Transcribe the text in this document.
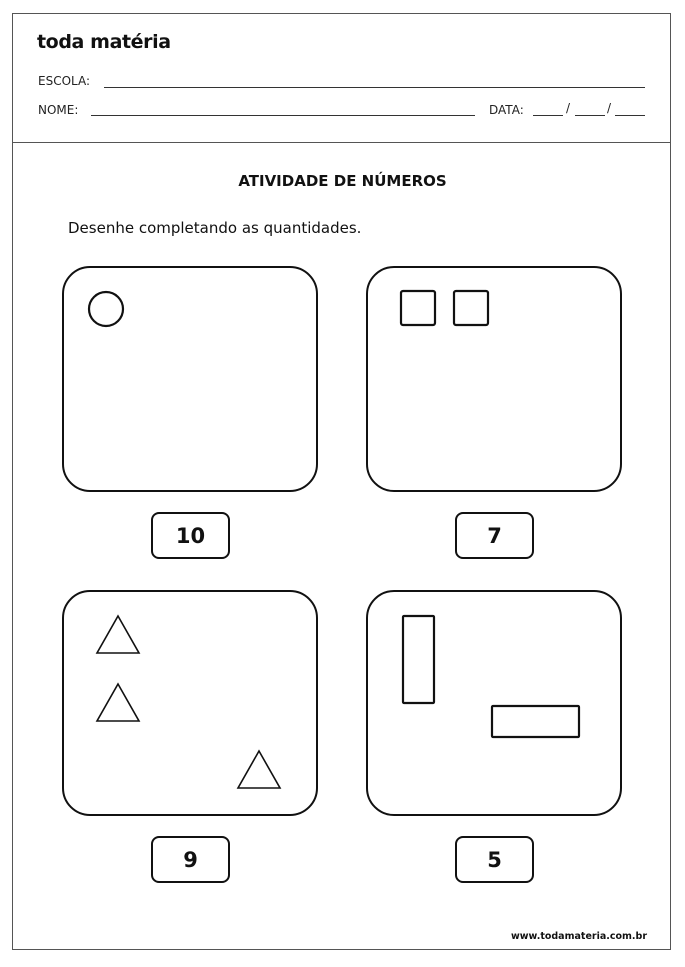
toda matéria
ESCOLA:
NOME:	DATA:	/	/
ATIVIDADE DE NÚMEROS
Desenhe completando as quantidades.
10	7
9	5
www.todamateria.com.br
